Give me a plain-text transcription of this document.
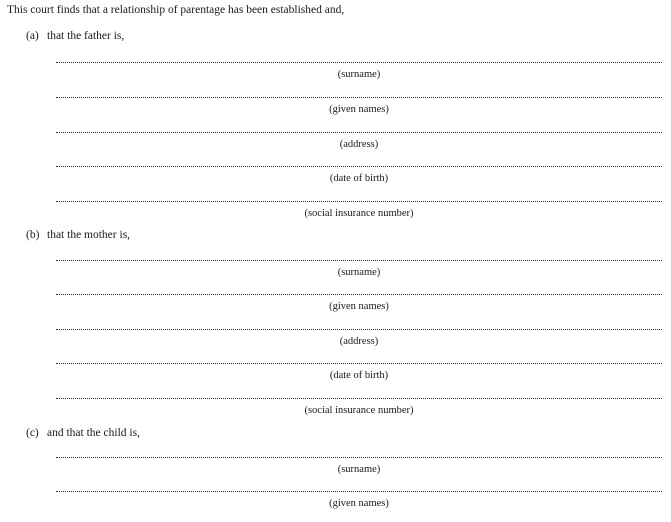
This court finds that a relationship of parentage has been established and,
(a) that the father is,
(surname)
(given names)
(address)
(date of birth)
(social insurance number)
(b) that the mother is,
(surname)
(given names)
(address)
(date of birth)
(social insurance number)
(c) and that the child is,
(surname)
(given names)
